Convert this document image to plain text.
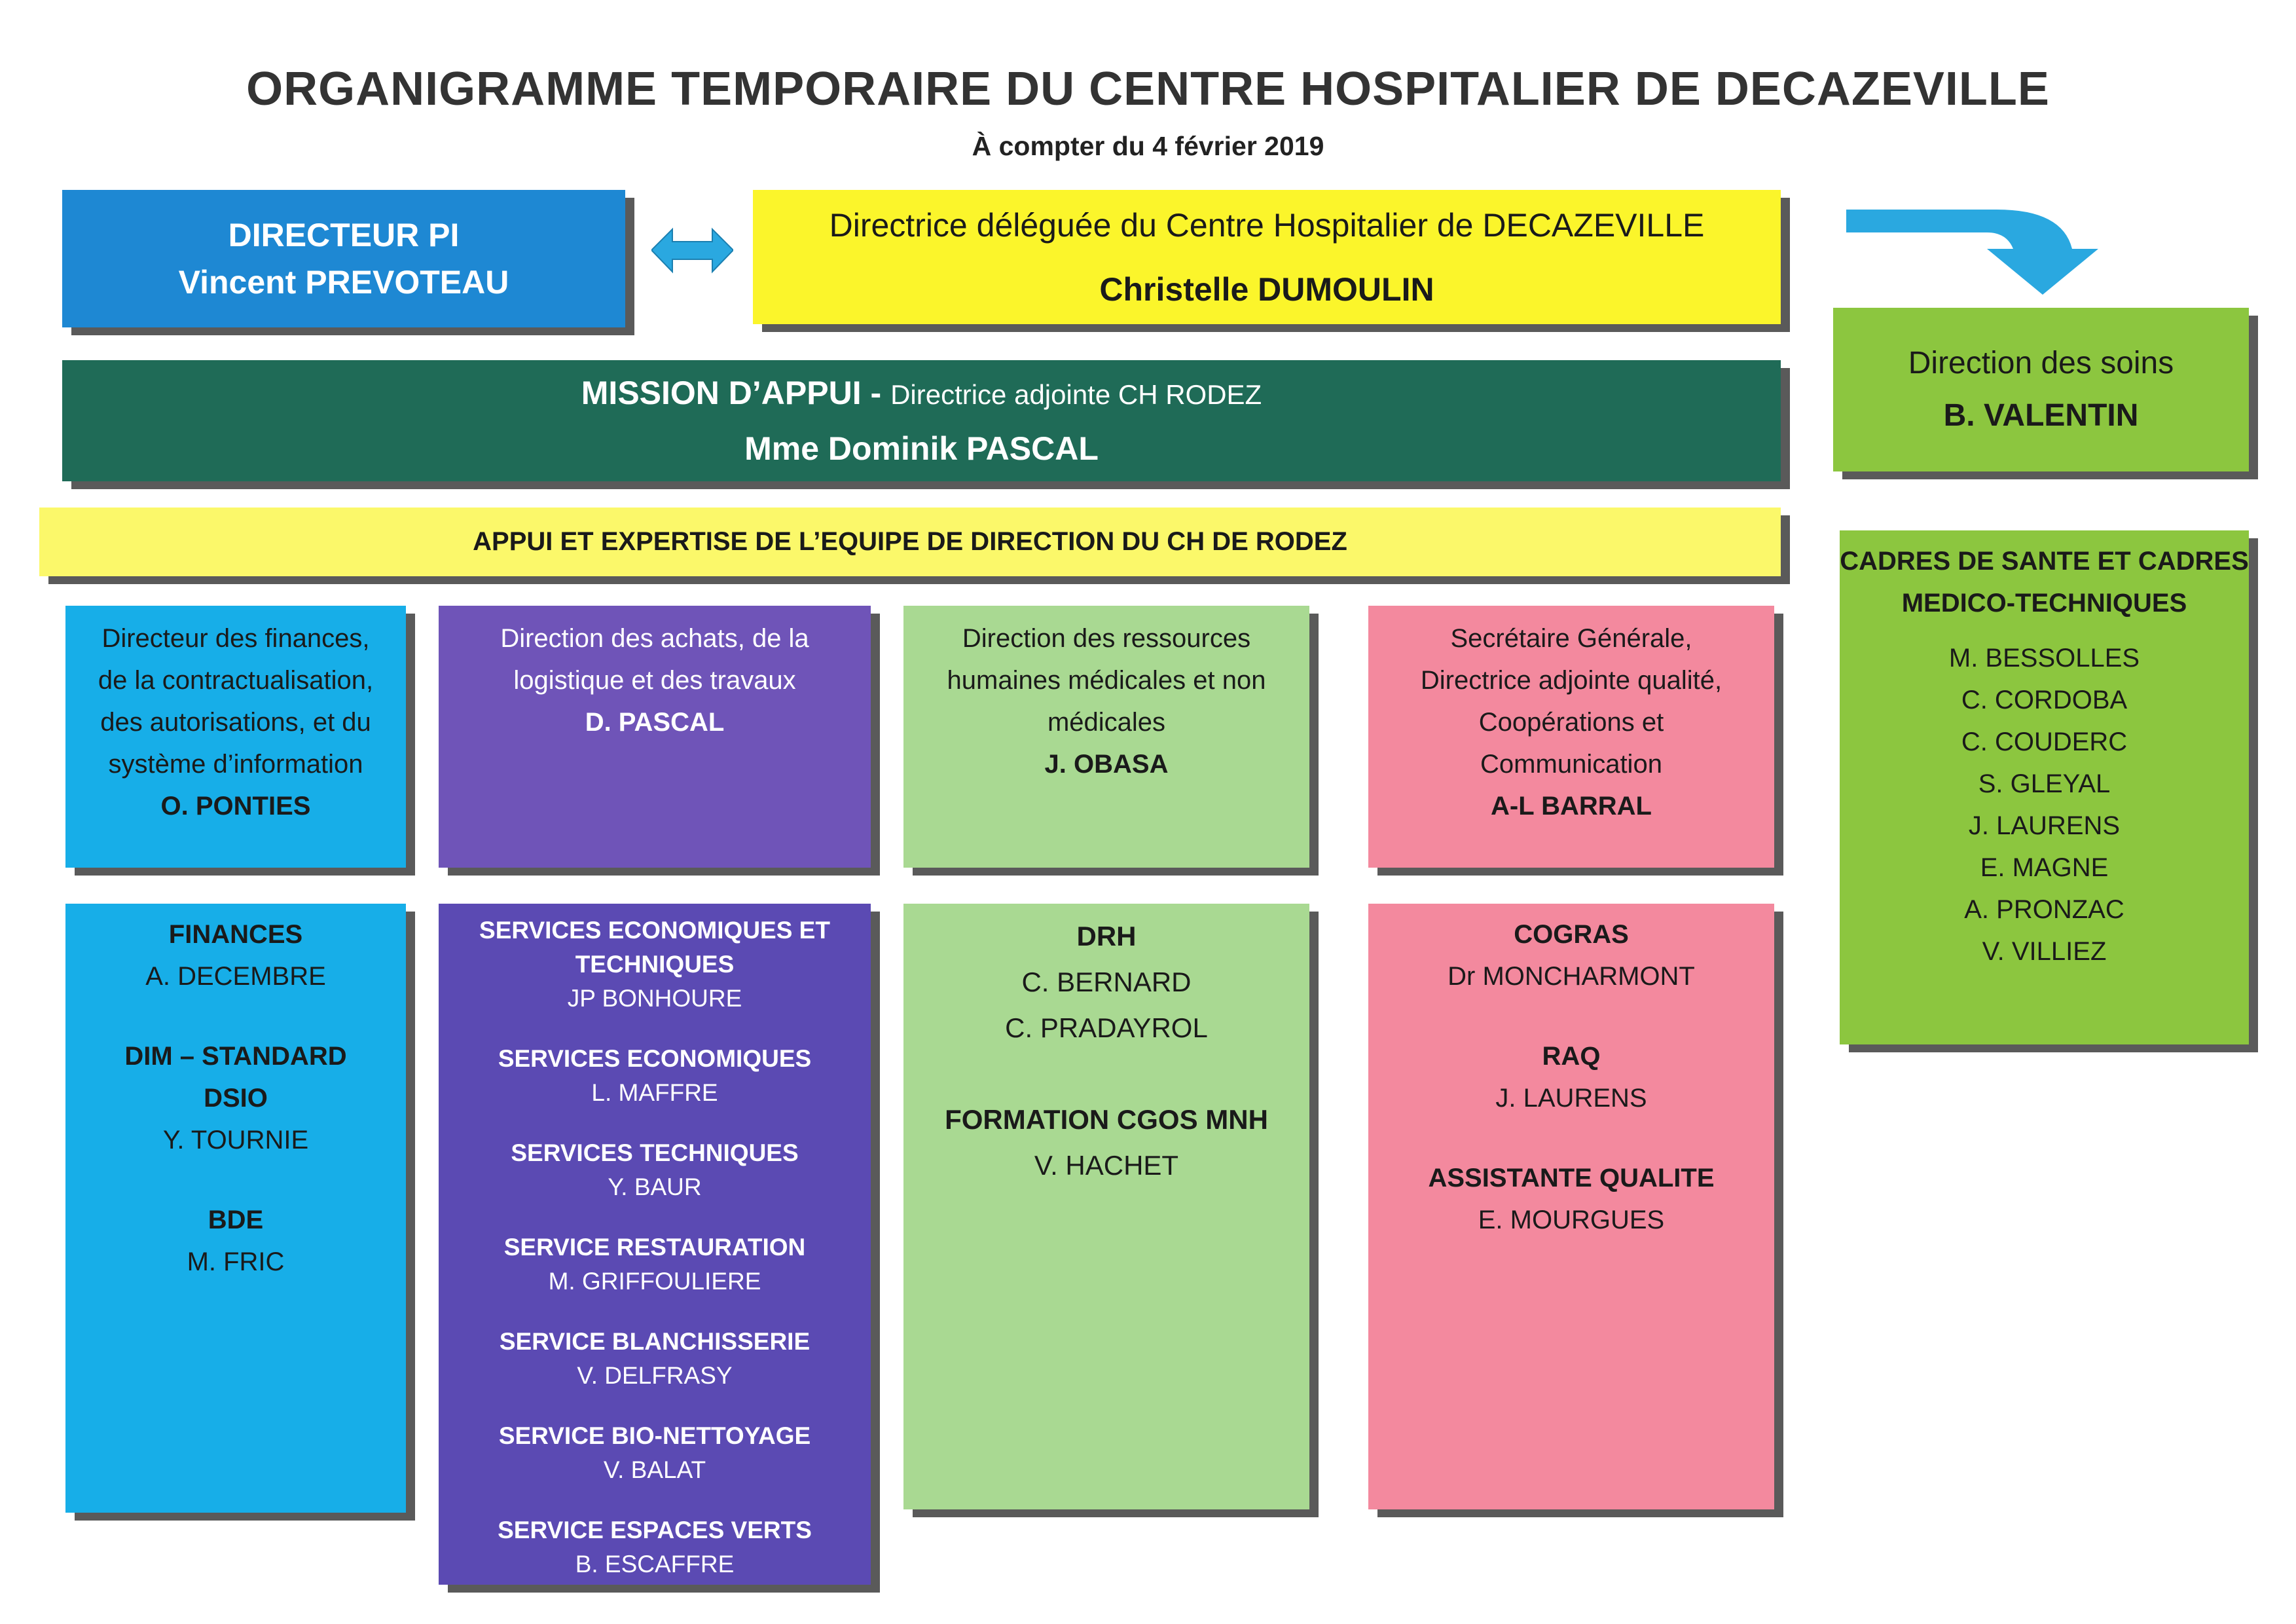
ORGANIGRAMME TEMPORAIRE DU CENTRE HOSPITALIER DE DECAZEVILLE
À compter du 4 février 2019
DIRECTEUR PI
Vincent PREVOTEAU
Directrice déléguée du Centre Hospitalier de DECAZEVILLE
Christelle DUMOULIN
Direction des soins
B. VALENTIN
MISSION D’APPUI - Directrice adjointe CH RODEZ
Mme Dominik PASCAL
APPUI ET EXPERTISE DE L’EQUIPE DE DIRECTION DU CH DE RODEZ
Directeur des finances,
de la contractualisation,
des autorisations, et du
système d’information
O. PONTIES
Direction des achats, de la
logistique et des travaux
D. PASCAL
Direction des ressources
humaines médicales et non
médicales
J. OBASA
Secrétaire Générale,
Directrice adjointe qualité,
Coopérations et
Communication
A-L BARRAL
FINANCES
A. DECEMBRE
DIM – STANDARD
DSIO
Y. TOURNIE
BDE
M. FRIC
SERVICES ECONOMIQUES ET
TECHNIQUES
JP BONHOURE
SERVICES ECONOMIQUES
L. MAFFRE
SERVICES TECHNIQUES
Y. BAUR
SERVICE RESTAURATION
M. GRIFFOULIERE
SERVICE BLANCHISSERIE
V. DELFRASY
SERVICE BIO-NETTOYAGE
V. BALAT
SERVICE ESPACES VERTS
B. ESCAFFRE
DRH
C. BERNARD
C. PRADAYROL
FORMATION CGOS MNH
V. HACHET
COGRAS
Dr MONCHARMONT
RAQ
J. LAURENS
ASSISTANTE QUALITE
E. MOURGUES
CADRES DE SANTE ET CADRES
MEDICO-TECHNIQUES
M. BESSOLLES
C. CORDOBA
C. COUDERC
S. GLEYAL
J. LAURENS
E. MAGNE
A. PRONZAC
V. VILLIEZ
